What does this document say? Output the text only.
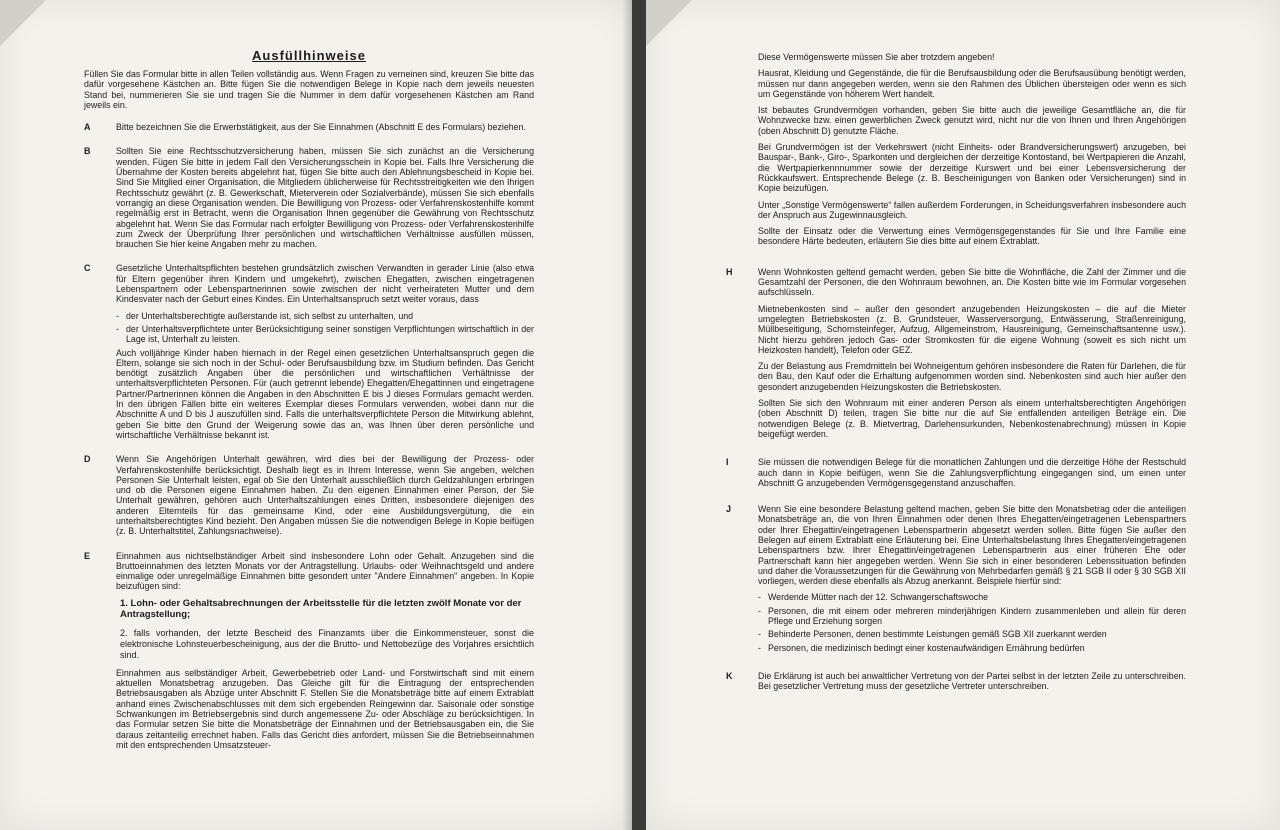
Ausfüllhinweise

Füllen Sie das Formular bitte in allen Teilen vollständig aus. Wenn Fragen zu verneinen sind, kreuzen Sie bitte das dafür vorgesehene Kästchen an. Bitte fügen Sie die notwendigen Belege in Kopie nach dem jeweils neuesten Stand bei, nummerieren Sie sie und tragen Sie die Nummer in dem dafür vorgesehenen Kästchen am Rand jeweils ein.

A	Bitte bezeichnen Sie die Erwerbstätigkeit, aus der Sie Einnahmen (Abschnitt E des Formulars) beziehen.

B	Sollten Sie eine Rechtsschutzversicherung haben, müssen Sie sich zunächst an die Versicherung wenden. Fügen Sie bitte in jedem Fall den Versicherungsschein in Kopie bei. Falls Ihre Versicherung die Übernahme der Kosten bereits abgelehnt hat, fügen Sie bitte auch den Ablehnungsbescheid in Kopie bei. Sind Sie Mitglied einer Organisation, die Mitgliedern üblicherweise für Rechtsstreitigkeiten wie den Ihrigen Rechtsschutz gewährt (z. B. Gewerkschaft, Mieterverein oder Sozialverbände), müssen Sie sich ebenfalls vorrangig an diese Organisation wenden. Die Bewilligung von Prozess- oder Verfahrenskostenhilfe kommt regelmäßig erst in Betracht, wenn die Organisation Ihnen gegenüber die Gewährung von Rechtsschutz abgelehnt hat. Wenn Sie das Formular nach erfolgter Bewilligung von Prozess- oder Verfahrenskostenhilfe zum Zweck der Überprüfung Ihrer persönlichen und wirtschaftlichen Verhältnisse ausfüllen müssen, brauchen Sie hier keine Angaben mehr zu machen.

C	Gesetzliche Unterhaltspflichten bestehen grundsätzlich zwischen Verwandten in gerader Linie (also etwa für Eltern gegenüber ihren Kindern und umgekehrt), zwischen Ehegatten, zwischen eingetragenen Lebenspartnern oder Lebenspartnerinnen sowie zwischen der nicht verheirateten Mutter und dem Kindesvater nach der Geburt eines Kindes. Ein Unterhaltsanspruch setzt weiter voraus, dass

- der Unterhaltsberechtigte außerstande ist, sich selbst zu unterhalten, und
- der Unterhaltsverpflichtete unter Berücksichtigung seiner sonstigen Verpflichtungen wirtschaftlich in der Lage ist, Unterhalt zu leisten.

Auch volljährige Kinder haben hiernach in der Regel einen gesetzlichen Unterhaltsanspruch gegen die Eltern, solange sie sich noch in der Schul- oder Berufsausbildung bzw. im Studium befinden. Das Gericht benötigt zusätzlich Angaben über die persönlichen und wirtschaftlichen Verhältnisse der unterhaltsverpflichteten Personen. Für (auch getrennt lebende) Ehegatten/Ehegattinnen und eingetragene Partner/Partnerinnen können die Angaben in den Abschnitten E bis J dieses Formulars gemacht werden. In den übrigen Fällen bitte ein weiteres Exemplar dieses Formulars verwenden, wobei dann nur die Abschnitte A und D bis J auszufüllen sind. Falls die unterhaltsverpflichtete Person die Mitwirkung ablehnt, geben Sie bitte den Grund der Weigerung sowie das an, was Ihnen über deren persönliche und wirtschaftliche Verhältnisse bekannt ist.

D	Wenn Sie Angehörigen Unterhalt gewähren, wird dies bei der Bewilligung der Prozess- oder Verfahrenskostenhilfe berücksichtigt. Deshalb liegt es in Ihrem Interesse, wenn Sie angeben, welchen Personen Sie Unterhalt leisten, egal ob Sie den Unterhalt ausschließlich durch Geldzahlungen erbringen und ob die Personen eigene Einnahmen haben. Zu den eigenen Einnahmen einer Person, der Sie Unterhalt gewähren, gehören auch Unterhaltszahlungen eines Dritten, insbesondere diejenigen des anderen Elternteils für das gemeinsame Kind, oder eine Ausbildungsvergütung, die ein unterhaltsberechtigtes Kind bezieht. Den Angaben müssen Sie die notwendigen Belege in Kopie beifügen (z. B. Unterhaltstitel, Zahlungsnachweise).

E	Einnahmen aus nichtselbständiger Arbeit sind insbesondere Lohn oder Gehalt. Anzugeben sind die Bruttoeinnahmen des letzten Monats vor der Antragstellung. Urlaubs- oder Weihnachtsgeld und andere einmalige oder unregelmäßige Einnahmen bitte gesondert unter "Andere Einnahmen" angeben. In Kopie beizufügen sind:

1. Lohn- oder Gehaltsabrechnungen der Arbeitsstelle für die letzten zwölf Monate vor der Antragstellung;
2. falls vorhanden, der letzte Bescheid des Finanzamts über die Einkommensteuer, sonst die elektronische Lohnsteuerbescheinigung, aus der die Brutto- und Nettobezüge des Vorjahres ersichtlich sind.

Einnahmen aus selbständiger Arbeit, Gewerbebetrieb oder Land- und Forstwirtschaft sind mit einem aktuellen Monatsbetrag anzugeben. Das Gleiche gilt für die Eintragung der entsprechenden Betriebsausgaben als Abzüge unter Abschnitt F. Stellen Sie die Monatsbeträge bitte auf einem Extrablatt anhand eines Zwischenabschlusses mit dem sich ergebenden Reingewinn dar. Saisonale oder sonstige Schwankungen im Betriebsergebnis sind durch angemessene Zu- oder Abschläge zu berücksichtigen. In das Formular setzen Sie bitte die Monatsbeträge der Einnahmen und der Betriebsausgaben ein, die Sie daraus zeitanteilig errechnet haben. Falls das Gericht dies anfordert, müssen Sie die Betriebseinnahmen mit den entsprechenden Umsatzsteuer-

Diese Vermögenswerte müssen Sie aber trotzdem angeben!

Hausrat, Kleidung und Gegenstände, die für die Berufsausbildung oder die Berufsausübung benötigt werden, müssen nur dann angegeben werden, wenn sie den Rahmen des Üblichen übersteigen oder wenn es sich um Gegenstände von höherem Wert handelt.

Ist bebautes Grundvermögen vorhanden, geben Sie bitte auch die jeweilige Gesamtfläche an, die für Wohnzwecke bzw. einen gewerblichen Zweck genutzt wird, nicht nur die von Ihnen und Ihren Angehörigen (oben Abschnitt D) genutzte Fläche.

Bei Grundvermögen ist der Verkehrswert (nicht Einheits- oder Brandversicherungswert) anzugeben, bei Bauspar-, Bank-, Giro-, Sparkonten und dergleichen der derzeitige Kontostand, bei Wertpapieren die Anzahl, die Wertpapierkennnummer sowie der derzeitige Kurswert und bei einer Lebensversicherung der Rückkaufswert. Entsprechende Belege (z. B. Bescheinigungen von Banken oder Versicherungen) sind in Kopie beizufügen.

Unter „Sonstige Vermögenswerte“ fallen außerdem Forderungen, in Scheidungsverfahren insbesondere auch der Anspruch aus Zugewinnausgleich.

Sollte der Einsatz oder die Verwertung eines Vermögensgegenstandes für Sie und Ihre Familie eine besondere Härte bedeuten, erläutern Sie dies bitte auf einem Extrablatt.

H	Wenn Wohnkosten geltend gemacht werden, geben Sie bitte die Wohnfläche, die Zahl der Zimmer und die Gesamtzahl der Personen, die den Wohnraum bewohnen, an. Die Kosten bitte wie im Formular vorgesehen aufschlüsseln.

Mietnebenkosten sind – außer den gesondert anzugebenden Heizungskosten – die auf die Mieter umgelegten Betriebskosten (z. B. Grundsteuer, Wasserversorgung, Entwässerung, Straßenreinigung, Müllbeseitigung, Schornsteinfeger, Aufzug, Allgemeinstrom, Hausreinigung, Gemeinschaftsantenne usw.). Nicht hierzu gehören jedoch Gas- oder Stromkosten für die eigene Wohnung (soweit es sich nicht um Heizkosten handelt), Telefon oder GEZ.

Zu der Belastung aus Fremdmitteln bei Wohneigentum gehören insbesondere die Raten für Darlehen, die für den Bau, den Kauf oder die Erhaltung aufgenommen worden sind. Nebenkosten sind auch hier außer den gesondert anzugebenden Heizungskosten die Betriebskosten.

Sollten Sie sich den Wohnraum mit einer anderen Person als einem unterhaltsberechtigten Angehörigen (oben Abschnitt D) teilen, tragen Sie bitte nur die auf Sie entfallenden anteiligen Beträge ein. Die notwendigen Belege (z. B. Mietvertrag, Darlehensurkunden, Nebenkostenabrechnung) müssen in Kopie beigefügt werden.

I	Sie müssen die notwendigen Belege für die monatlichen Zahlungen und die derzeitige Höhe der Restschuld auch dann in Kopie beifügen, wenn Sie die Zahlungsverpflichtung eingegangen sind, um einen unter Abschnitt G anzugebenden Vermögensgegenstand anzuschaffen.

J	Wenn Sie eine besondere Belastung geltend machen, geben Sie bitte den Monatsbetrag oder die anteiligen Monatsbeträge an, die von Ihren Einnahmen oder denen Ihres Ehegatten/eingetragenen Lebenspartners oder Ihrer Ehegattin/eingetragenen Lebenspartnerin abgesetzt werden sollen. Bitte fügen Sie außer den Belegen auf einem Extrablatt eine Erläuterung bei. Eine Unterhaltsbelastung Ihres Ehegatten/eingetragenen Lebenspartners bzw. Ihrer Ehegattin/eingetragenen Lebenspartnerin aus einer früheren Ehe oder Partnerschaft kann hier angegeben werden. Wenn Sie sich in einer besonderen Lebenssituation befinden und daher die Voraussetzungen für die Gewährung von Mehrbedarfen gemäß § 21 SGB II oder § 30 SGB XII vorliegen, werden diese ebenfalls als Abzug anerkannt. Beispiele hierfür sind:

- Werdende Mütter nach der 12. Schwangerschaftswoche
- Personen, die mit einem oder mehreren minderjährigen Kindern zusammenleben und allein für deren Pflege und Erziehung sorgen
- Behinderte Personen, denen bestimmte Leistungen gemäß SGB XII zuerkannt werden
- Personen, die medizinisch bedingt einer kostenaufwändigen Ernährung bedürfen
K	Die Erklärung ist auch bei anwaltlicher Vertretung von der Partei selbst in der letzten Zeile zu unterschreiben. Bei gesetzlicher Vertretung muss der gesetzliche Vertreter unterschreiben.
